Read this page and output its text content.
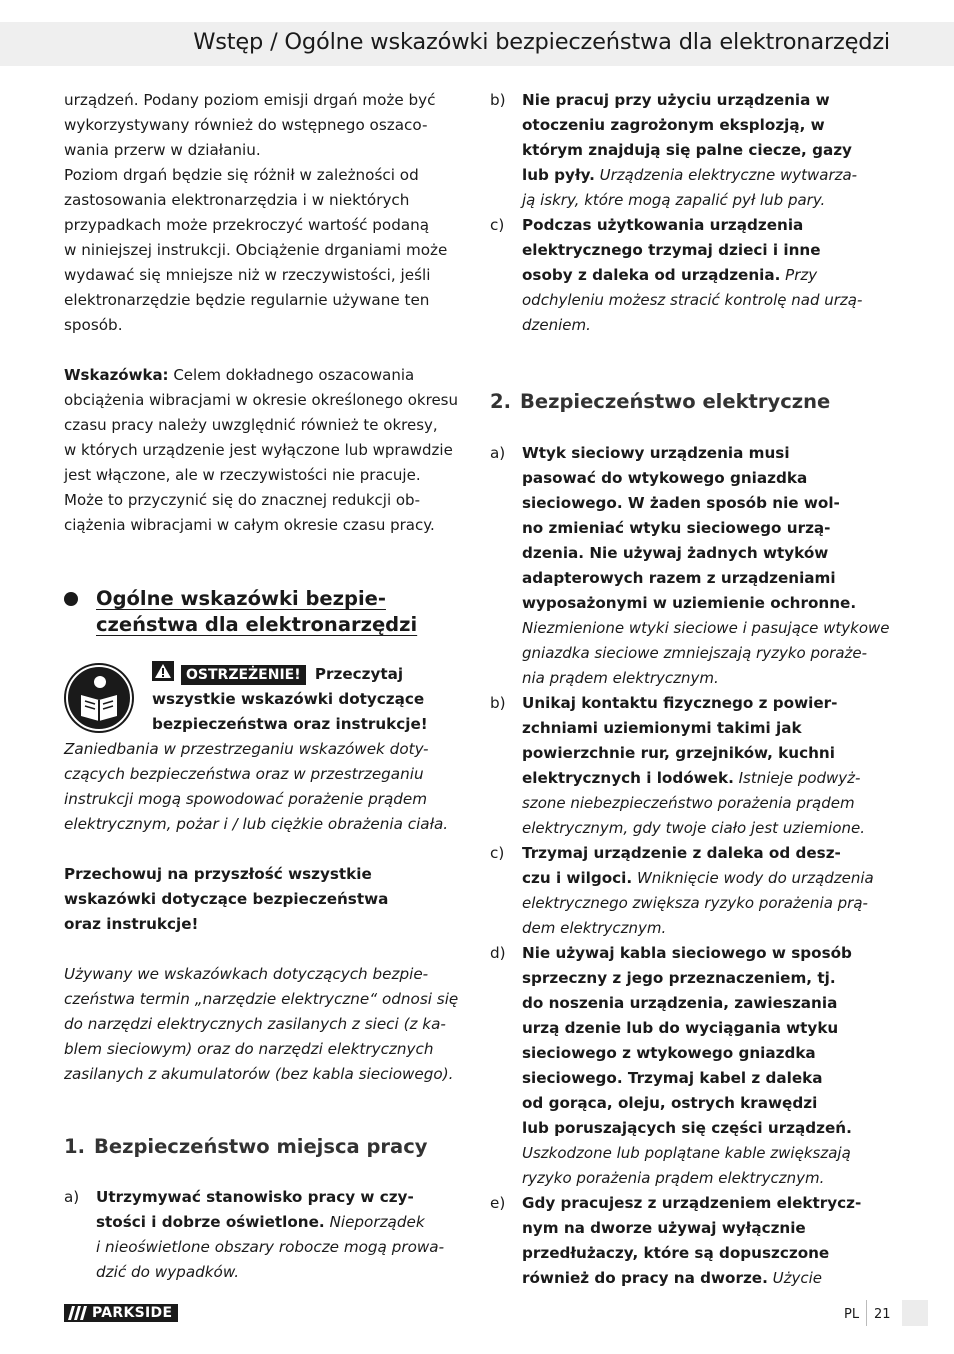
Wstęp / Ogólne wskazówki bezpieczeństwa dla elektronarzędzi
urządzeń. Podany poziom emisji drgań może być
wykorzystywany również do wstępnego oszaco-
wania przerw w działaniu.
Poziom drgań będzie się różnił w zależności od
zastosowania elektronarzędzia i w niektórych
przypadkach może przekroczyć wartość podaną
w niniejszej instrukcji. Obciążenie drganiami może
wydawać się mniejsze niż w rzeczywistości, jeśli
elektronarzędzie będzie regularnie używane ten
sposób.
Wskazówka: Celem dokładnego oszacowania
obciążenia wibracjami w okresie określonego okresu
czasu pracy należy uwzględnić również te okresy,
w których urządzenie jest wyłączone lub wprawdzie
jest włączone, ale w rzeczywistości nie pracuje.
Może to przyczynić się do znacznej redukcji ob-
ciążenia wibracjami w całym okresie czasu pracy.
Ogólne wskazówki bezpie-
czeństwa dla elektronarzędzi
OSTRZEŻENIE! Przeczytaj
wszystkie wskazówki dotyczące
bezpieczeństwa oraz instrukcje!
Zaniedbania w przestrzeganiu wskazówek doty-
czących bezpieczeństwa oraz w przestrzeganiu
instrukcji mogą spowodować porażenie prądem
elektrycznym, pożar i / lub ciężkie obrażenia ciała.
Przechowuj na przyszłość wszystkie
wskazówki dotyczące bezpieczeństwa
oraz instrukcje!
Używany we wskazówkach dotyczących bezpie-
czeństwa termin „narzędzie elektryczne“ odnosi się
do narzędzi elektrycznych zasilanych z sieci (z ka-
blem sieciowym) oraz do narzędzi elektrycznych
zasilanych z akumulatorów (bez kabla sieciowego).
1. Bezpieczeństwo miejsca pracy
a)	Utrzymywać stanowisko pracy w czy-
stości i dobrze oświetlone. Nieporządek
i nieoświetlone obszary robocze mogą prowa-
dzić do wypadków.
b)	Nie pracuj przy użyciu urządzenia w
otoczeniu zagrożonym eksplozją, w
którym znajdują się palne ciecze, gazy
lub pyły. Urządzenia elektryczne wytwarza-
ją iskry, które mogą zapalić pył lub pary.
c)	Podczas użytkowania urządzenia
elektrycznego trzymaj dzieci i inne
osoby z daleka od urządzenia. Przy
odchyleniu możesz stracić kontrolę nad urzą-
dzeniem.
2. Bezpieczeństwo elektryczne
a)	Wtyk sieciowy urządzenia musi
pasować do wtykowego gniazdka
sieciowego. W żaden sposób nie wol-
no zmieniać wtyku sieciowego urzą-
dzenia. Nie używaj żadnych wtyków
adapterowych razem z urządzeniami
wyposażonymi w uziemienie ochronne.
Niezmienione wtyki sieciowe i pasujące wtykowe
gniazdka sieciowe zmniejszają ryzyko poraże-
nia prądem elektrycznym.
b)	Unikaj kontaktu fizycznego z powier-
zchniami uziemionymi takimi jak
powierzchnie rur, grzejników, kuchni
elektrycznych i lodówek. Istnieje podwyż-
szone niebezpieczeństwo porażenia prądem
elektrycznym, gdy twoje ciało jest uziemione.
c)	Trzymaj urządzenie z daleka od desz-
czu i wilgoci. Wniknięcie wody do urządzenia
elektrycznego zwiększa ryzyko porażenia prą-
dem elektrycznym.
d)	Nie używaj kabla sieciowego w sposób
sprzeczny z jego przeznaczeniem, tj.
do noszenia urządzenia, zawieszania
urzą dzenie lub do wyciągania wtyku
sieciowego z wtykowego gniazdka
sieciowego. Trzymaj kabel z daleka
od gorąca, oleju, ostrych krawędzi
lub poruszających się części urządzeń.
Uszkodzone lub poplątane kable zwiększają
ryzyko porażenia prądem elektrycznym.
e)	Gdy pracujesz z urządzeniem elektrycz-
nym na dworze używaj wyłącznie
przedłużaczy, które są dopuszczone
również do pracy na dworze. Użycie
PARKSIDE	PL 21
